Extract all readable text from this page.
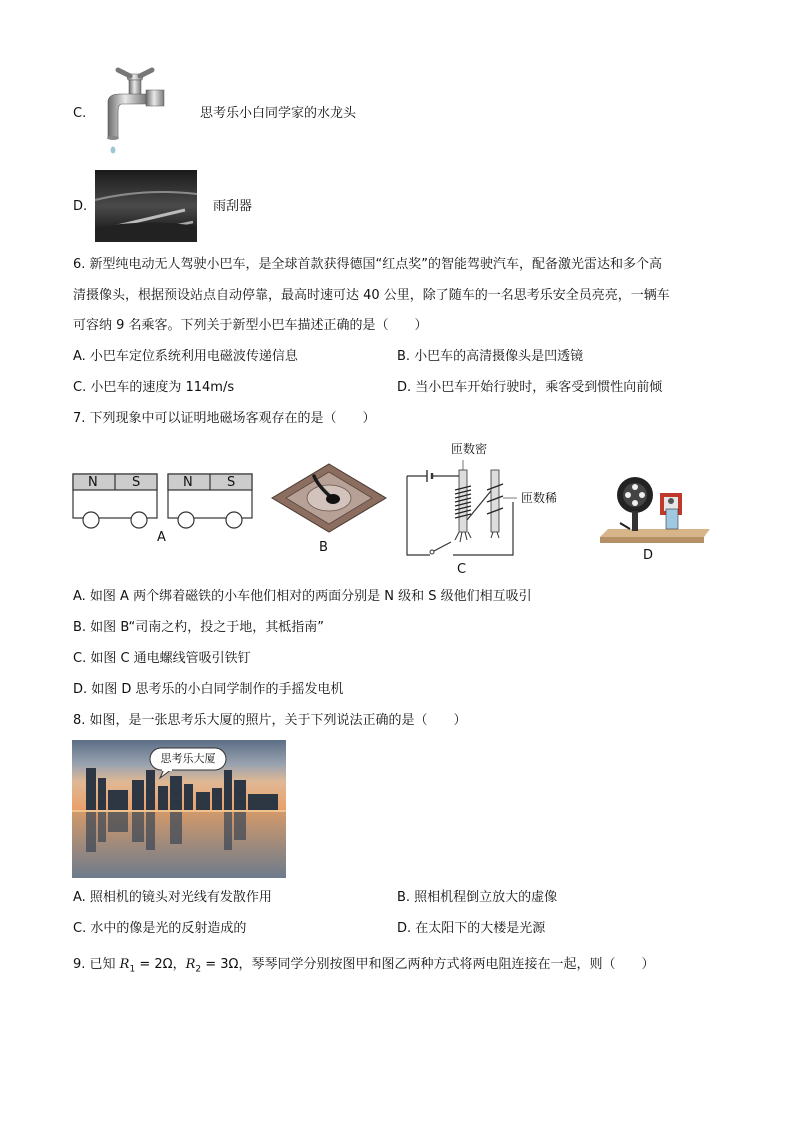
C.	思考乐小白同学家的水龙头
D.	雨刮器
6. 新型纯电动无人驾驶小巴车，是全球首款获得德国“红点奖”的智能驾驶汽车，配备激光雷达和多个高
清摄像头，根据预设站点自动停靠，最高时速可达 40 公里，除了随车的一名思考乐安全员亮亮，一辆车
可容纳 9 名乘客。下列关于新型小巴车描述正确的是（　　）
A. 小巴车定位系统利用电磁波传递信息	B. 小巴车的高清摄像头是凹透镜
C. 小巴车的速度为 114m/s	D. 当小巴车开始行驶时，乘客受到惯性向前倾
7. 下列现象中可以证明地磁场客观存在的是（　　）
N	S	N	S
A
B
匝数密
匝数稀
C
D
A. 如图 A 两个绑着磁铁的小车他们相对的两面分别是 N 级和 S 级他们相互吸引
B. 如图 B“司南之杓，投之于地，其柢指南”
C. 如图 C 通电螺线管吸引铁钉
D. 如图 D 思考乐的小白同学制作的手摇发电机
8. 如图，是一张思考乐大厦的照片，关于下列说法正确的是（　　）
思考乐大厦
A. 照相机的镜头对光线有发散作用	B. 照相机程倒立放大的虚像
C. 水中的像是光的反射造成的	D. 在太阳下的大楼是光源
9. 已知 $R_1 = 2\Omega$，$R_2 = 3\Omega$，琴琴同学分别按图甲和图乙两种方式将两电阻连接在一起，则（　　）
